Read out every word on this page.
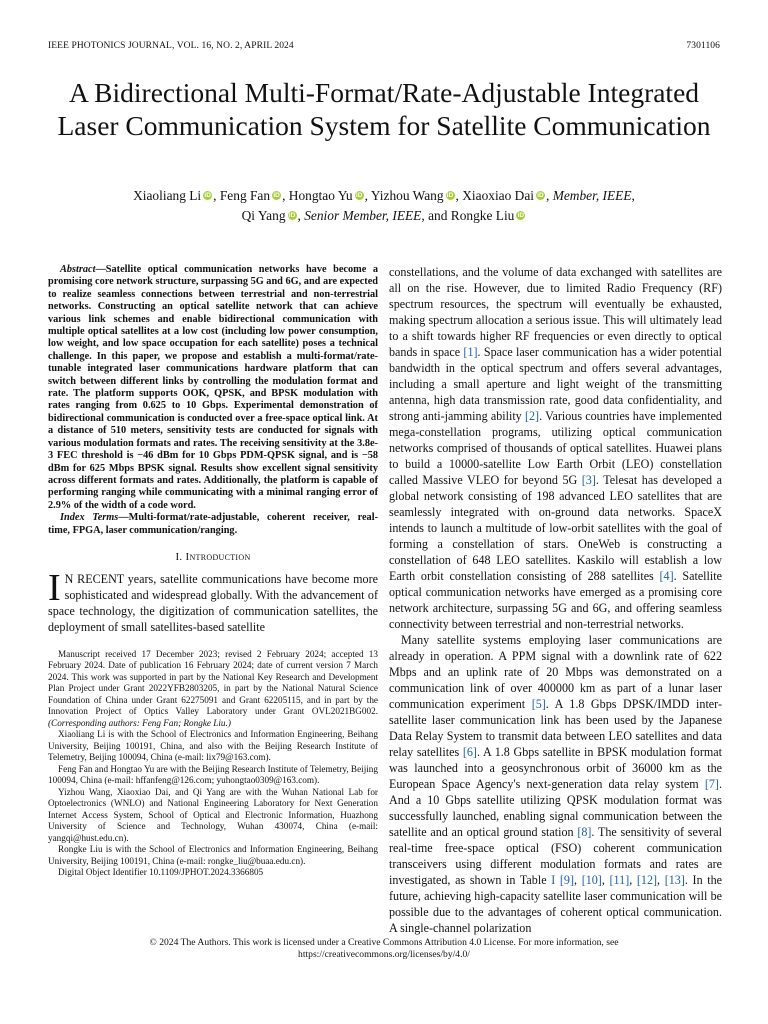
IEEE PHOTONICS JOURNAL, VOL. 16, NO. 2, APRIL 2024	7301106
A Bidirectional Multi-Format/Rate-Adjustable Integrated Laser Communication System for Satellite Communication
Xiaoliang Li iD , Feng Fan iD , Hongtao Yu iD , Yizhou Wang iD , Xiaoxiao Dai iD , Member, IEEE,
Qi Yang iD , Senior Member, IEEE, and Rongke Liu iD

Abstract—Satellite optical communication networks have become a promising core network structure, surpassing 5G and 6G, and are expected to realize seamless connections between terrestrial and non-terrestrial networks. Constructing an optical satellite network that can achieve various link schemes and enable bidirectional communication with multiple optical satellites at a low cost (including low power consumption, low weight, and low space occupation for each satellite) poses a technical challenge. In this paper, we propose and establish a multi-format/rate-tunable integrated laser communications hardware platform that can switch between different links by controlling the modulation format and rate. The platform supports OOK, QPSK, and BPSK modulation with rates ranging from 0.625 to 10 Gbps. Experimental demonstration of bidirectional communication is conducted over a free-space optical link. At a distance of 510 meters, sensitivity tests are conducted for signals with various modulation formats and rates. The receiving sensitivity at the 3.8e-3 FEC threshold is −46 dBm for 10 Gbps PDM-QPSK signal, and is −58 dBm for 625 Mbps BPSK signal. Results show excellent signal sensitivity across different formats and rates. Additionally, the platform is capable of performing ranging while communicating with a minimal ranging error of 2.9% of the width of a code word.

Index Terms—Multi-format/rate-adjustable, coherent receiver, real-time, FPGA, laser communication/ranging.

I. Introduction

I N RECENT years, satellite communications have become more sophisticated and widespread globally. With the advancement of space technology, the digitization of communication satellites, the deployment of small satellites-based satellite

Manuscript received 17 December 2023; revised 2 February 2024; accepted 13 February 2024. Date of publication 16 February 2024; date of current version 7 March 2024. This work was supported in part by the National Key Research and Development Plan Project under Grant 2022YFB2803205, in part by the National Natural Science Foundation of China under Grant 62275091 and Grant 62205115, and in part by the Innovation Project of Optics Valley Laboratory under Grant OVL2021BG002. (Corresponding authors: Feng Fan; Rongke Liu.)

Xiaoliang Li is with the School of Electronics and Information Engineering, Beihang University, Beijing 100191, China, and also with the Beijing Research Institute of Telemetry, Beijing 100094, China (e-mail: lix79@163.com).

Feng Fan and Hongtao Yu are with the Beijing Research Institute of Telemetry, Beijing 100094, China (e-mail: hffanfeng@126.com; yuhongtao0309@163.com).

Yizhou Wang, Xiaoxiao Dai, and Qi Yang are with the Wuhan National Lab for Optoelectronics (WNLO) and National Engineering Laboratory for Next Generation Internet Access System, School of Optical and Electronic Information, Huazhong University of Science and Technology, Wuhan 430074, China (e-mail: yangqi@hust.edu.cn).

Rongke Liu is with the School of Electronics and Information Engineering, Beihang University, Beijing 100191, China (e-mail: rongke_liu@buaa.edu.cn).

Digital Object Identifier 10.1109/JPHOT.2024.3366805

constellations, and the volume of data exchanged with satellites are all on the rise. However, due to limited Radio Frequency (RF) spectrum resources, the spectrum will eventually be exhausted, making spectrum allocation a serious issue. This will ultimately lead to a shift towards higher RF frequencies or even directly to optical bands in space [1]. Space laser communication has a wider potential bandwidth in the optical spectrum and offers several advantages, including a small aperture and light weight of the transmitting antenna, high data transmission rate, good data confidentiality, and strong anti-jamming ability [2]. Various countries have implemented mega-constellation programs, utilizing optical communication networks comprised of thousands of optical satellites. Huawei plans to build a 10000-satellite Low Earth Orbit (LEO) constellation called Massive VLEO for beyond 5G [3]. Telesat has developed a global network consisting of 198 advanced LEO satellites that are seamlessly integrated with on-ground data networks. SpaceX intends to launch a multitude of low-orbit satellites with the goal of forming a constellation of stars. OneWeb is constructing a constellation of 648 LEO satellites. Kaskilo will establish a low Earth orbit constellation consisting of 288 satellites [4]. Satellite optical communication networks have emerged as a promising core network architecture, surpassing 5G and 6G, and offering seamless connectivity between terrestrial and non-terrestrial networks.

Many satellite systems employing laser communications are already in operation. A PPM signal with a downlink rate of 622 Mbps and an uplink rate of 20 Mbps was demonstrated on a communication link of over 400000 km as part of a lunar laser communication experiment [5]. A 1.8 Gbps DPSK/IMDD inter-satellite laser communication link has been used by the Japanese Data Relay System to transmit data between LEO satellites and data relay satellites [6]. A 1.8 Gbps satellite in BPSK modulation format was launched into a geosynchronous orbit of 36000 km as the European Space Agency's next-generation data relay system [7]. And a 10 Gbps satellite utilizing QPSK modulation format was successfully launched, enabling signal communication between the satellite and an optical ground station [8]. The sensitivity of several real-time free-space optical (FSO) coherent communication transceivers using different modulation formats and rates are investigated, as shown in Table I [9], [10], [11], [12], [13]. In the future, achieving high-capacity satellite laser communication will be possible due to the advantages of coherent optical communication. A single-channel polarization

© 2024 The Authors. This work is licensed under a Creative Commons Attribution 4.0 License. For more information, see
https://creativecommons.org/licenses/by/4.0/
